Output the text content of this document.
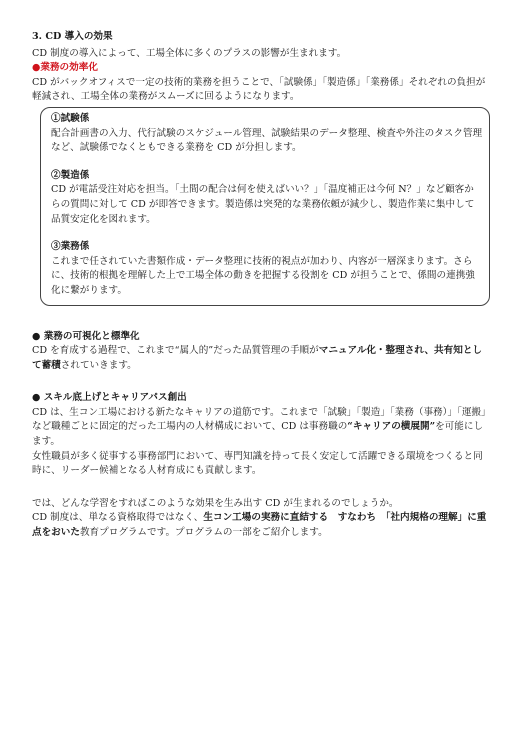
3. CD 導入の効果

CD 制度の導入によって、工場全体に多くのプラスの影響が生まれます。

●業務の効率化

CD がバックオフィスで一定の技術的業務を担うことで、「試験係」「製造係」「業務係」それぞれの負担が軽減され、工場全体の業務がスムーズに回るようになります。

①試験係
配合計画書の入力、代行試験のスケジュール管理、試験結果のデータ整理、検査や外注のタスク管理など、試験係でなくともできる業務を CD が分担します。
②製造係
CD が電話受注対応を担当。「土間の配合は何を使えばいい？」「温度補正は今何 N？」など顧客からの質問に対して CD が即答できます。製造係は突発的な業務依頼が減少し、製造作業に集中して品質安定化を図れます。
③業務係
これまで任されていた書類作成・データ整理に技術的視点が加わり、内容が一層深まります。さらに、技術的根拠を理解した上で工場全体の動きを把握する役割を CD が担うことで、係間の連携強化に繋がります。

● 業務の可視化と標準化

CD を育成する過程で、これまで“属人的”だった品質管理の手順がマニュアル化・整理され、共有知として蓄積されていきます。

● スキル底上げとキャリアパス創出

CD は、生コン工場における新たなキャリアの道筋です。これまで「試験」「製造」「業務（事務）」「運搬」など職種ごとに固定的だった工場内の人材構成において、CD は事務職の“キャリアの横展開”を可能にします。

女性職員が多く従事する事務部門において、専門知識を持って長く安定して活躍できる環境をつくると同時に、リーダー候補となる人材育成にも貢献します。

では、どんな学習をすればこのような効果を生み出す CD が生まれるのでしょうか。

CD 制度は、単なる資格取得ではなく、生コン工場の実務に直結する　すなわち　「社内規格の理解」に重点をおいた教育プログラムです。プログラムの一部をご紹介します。
